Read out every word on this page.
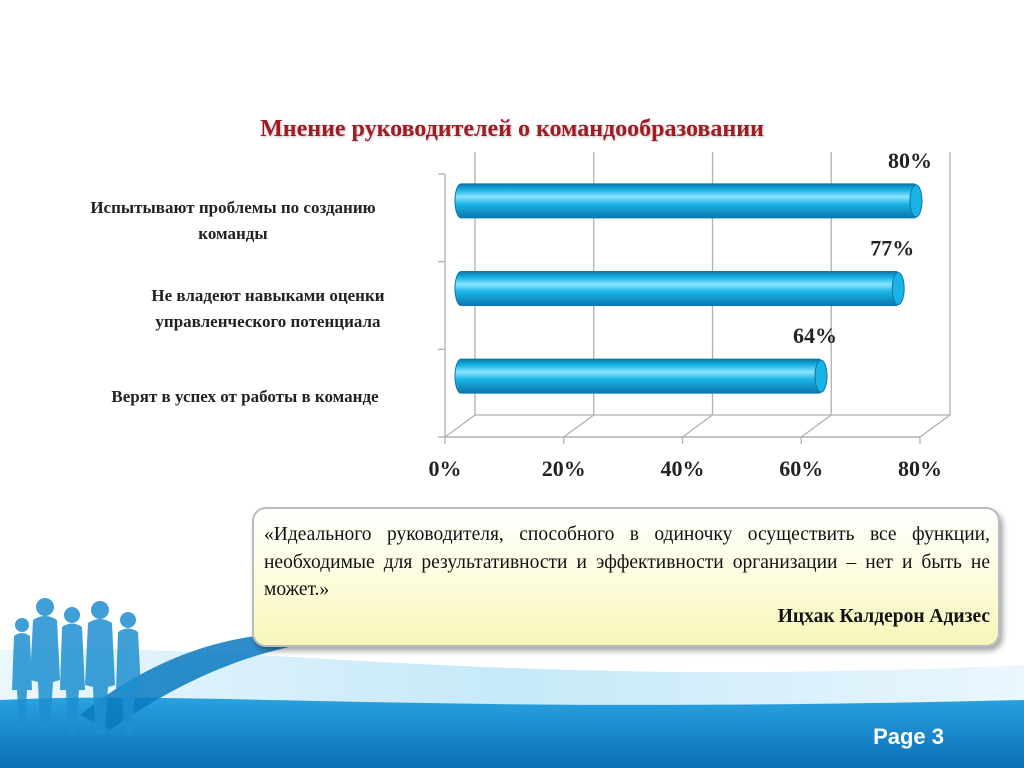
Мнение руководителей о командообразовании
Испытывают проблемы по созданию
команды
Не владеют навыками оценки
управленческого потенциала
Верят в успех от работы в команде
0%	20%	40%	60%	80%
80%
77%
64%

«Идеального руководителя, способного в одиночку осуществить все функции, необходимые для результативности и эффективности организации – нет и быть не может.»

Ицхак Калдерон Адизес

Page 3
